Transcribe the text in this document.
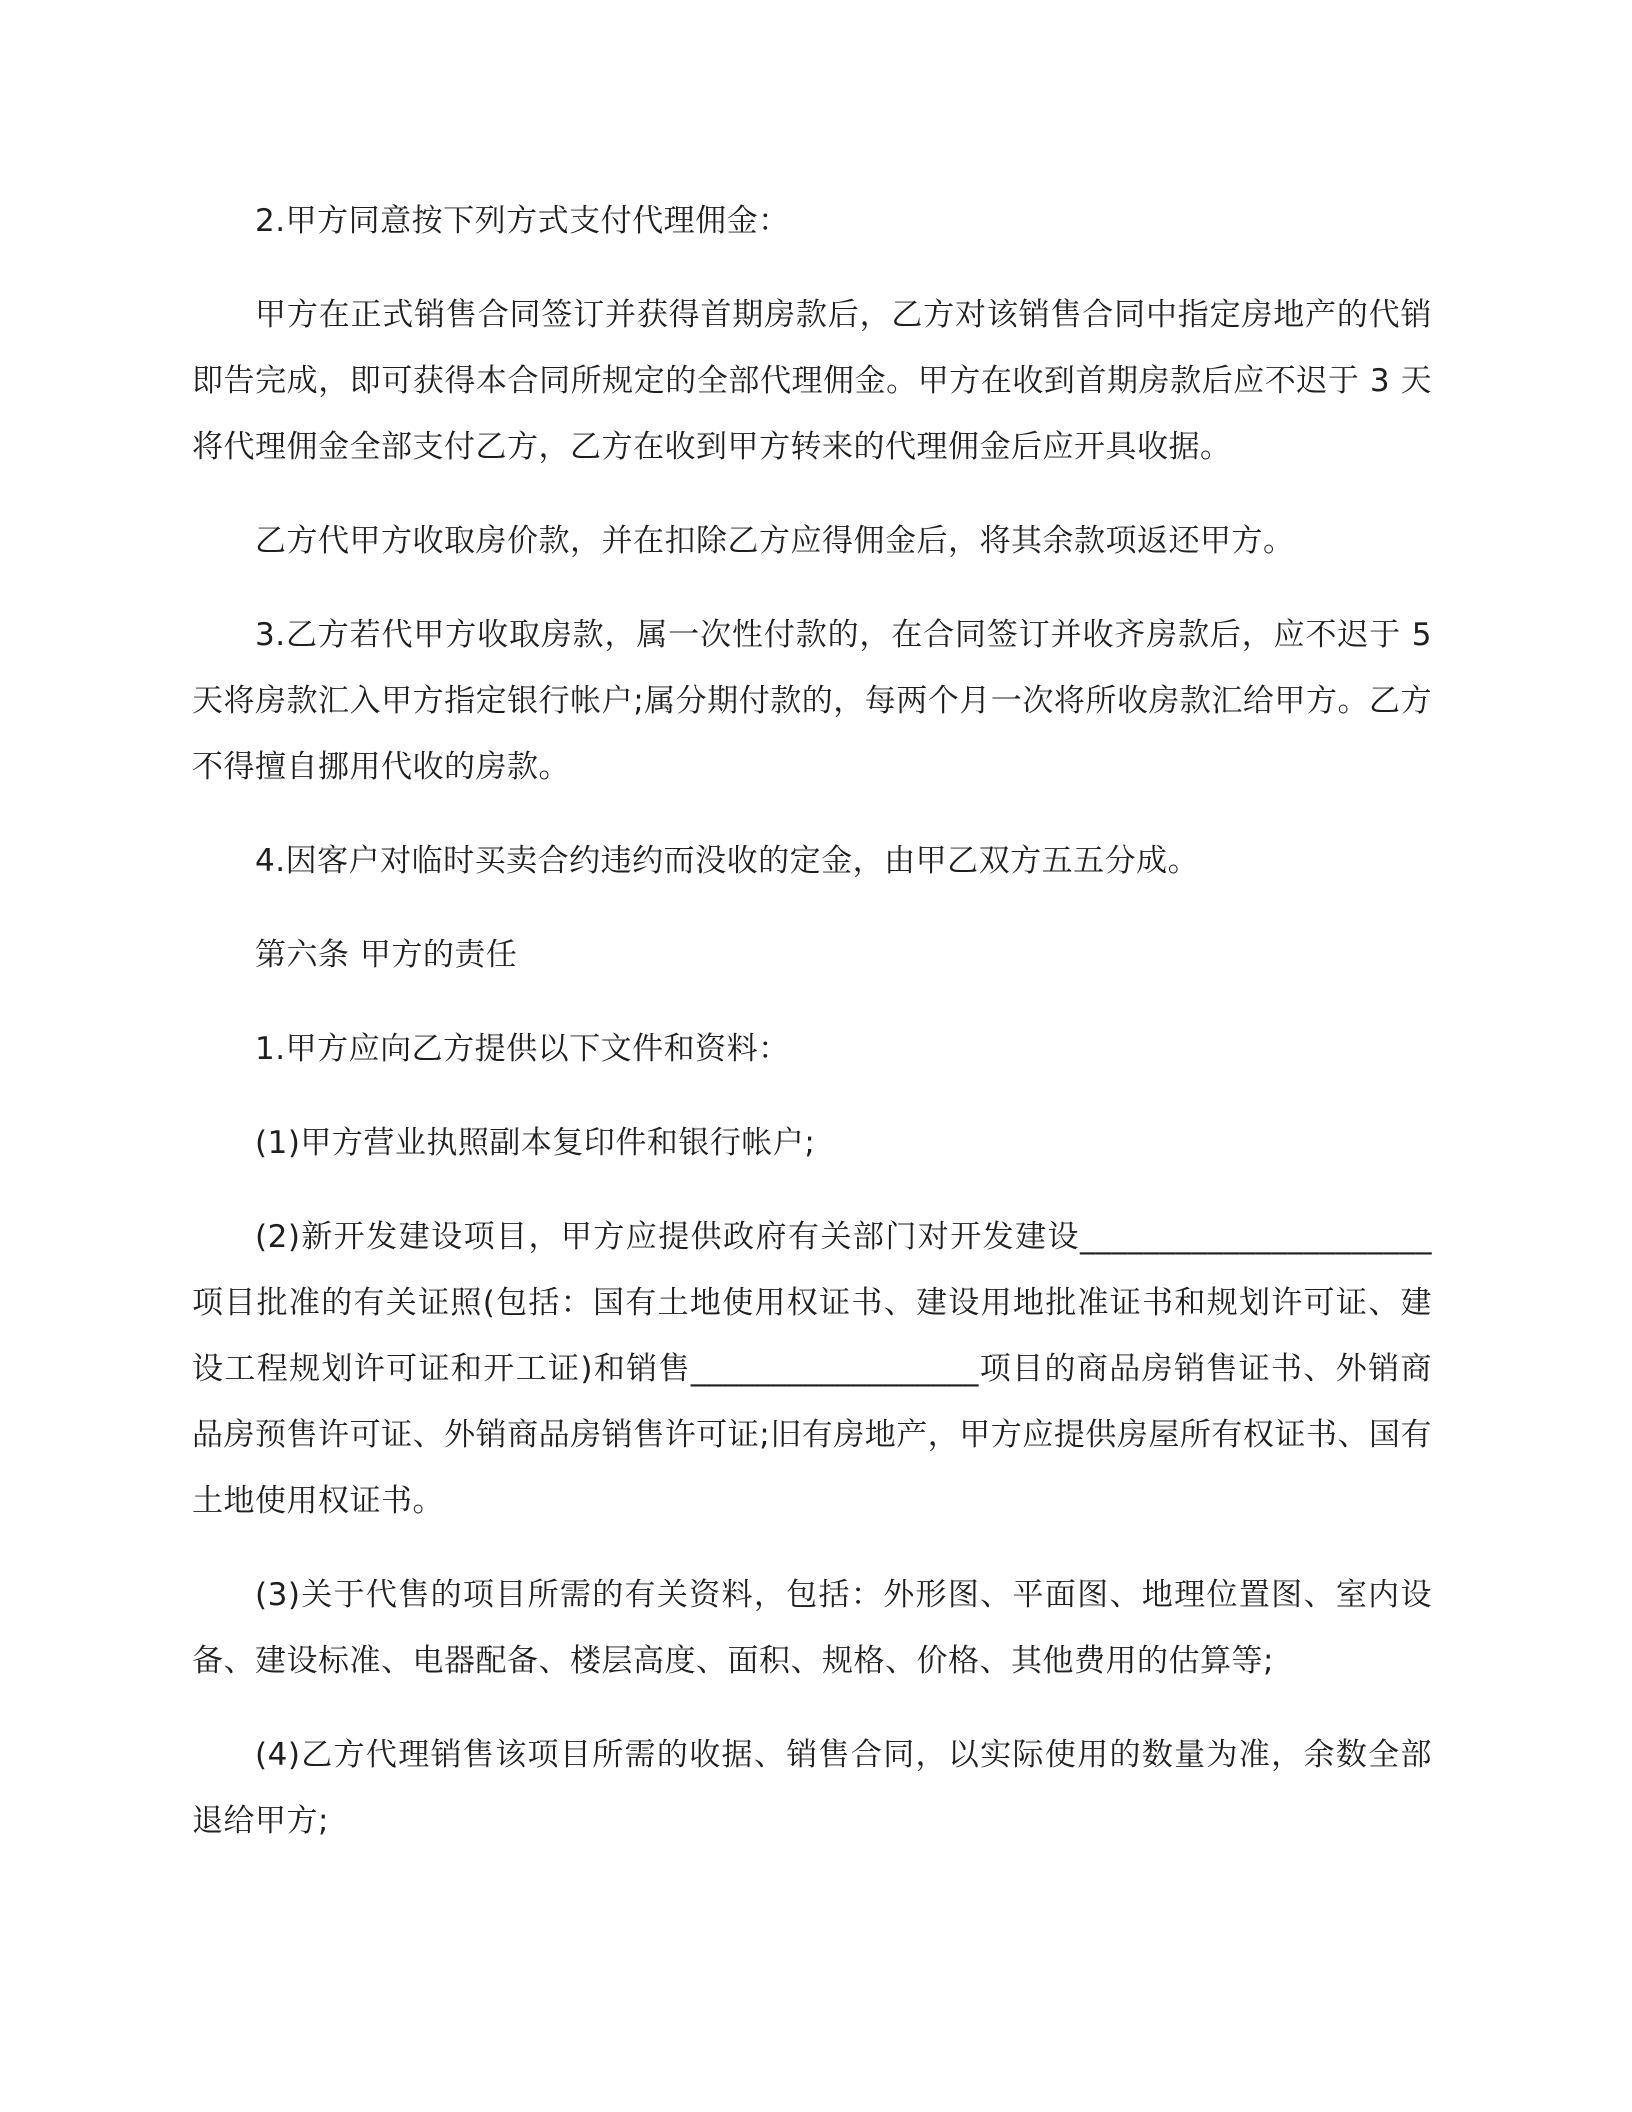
2.甲方同意按下列方式支付代理佣金：

甲方在正式销售合同签订并获得首期房款后，乙方对该销售合同中指定房地产的代销即告完成，即可获得本合同所规定的全部代理佣金。甲方在收到首期房款后应不迟于 3 天将代理佣金全部支付乙方，乙方在收到甲方转来的代理佣金后应开具收据。

乙方代甲方收取房价款，并在扣除乙方应得佣金后，将其余款项返还甲方。

3.乙方若代甲方收取房款，属一次性付款的，在合同签订并收齐房款后，应不迟于 5 天将房款汇入甲方指定银行帐户;属分期付款的，每两个月一次将所收房款汇给甲方。乙方不得擅自挪用代收的房款。

4.因客户对临时买卖合约违约而没收的定金，由甲乙双方五五分成。

第六条 甲方的责任

1.甲方应向乙方提供以下文件和资料：

(1)甲方营业执照副本复印件和银行帐户;

(2)新开发建设项目，甲方应提供政府有关部门对开发建设______________________项目批准的有关证照(包括：国有土地使用权证书、建设用地批准证书和规划许可证、建设工程规划许可证和开工证)和销售__________________项目的商品房销售证书、外销商品房预售许可证、外销商品房销售许可证;旧有房地产，甲方应提供房屋所有权证书、国有土地使用权证书。

(3)关于代售的项目所需的有关资料，包括：外形图、平面图、地理位置图、室内设备、建设标准、电器配备、楼层高度、面积、规格、价格、其他费用的估算等;

(4)乙方代理销售该项目所需的收据、销售合同，以实际使用的数量为准，余数全部退给甲方;
